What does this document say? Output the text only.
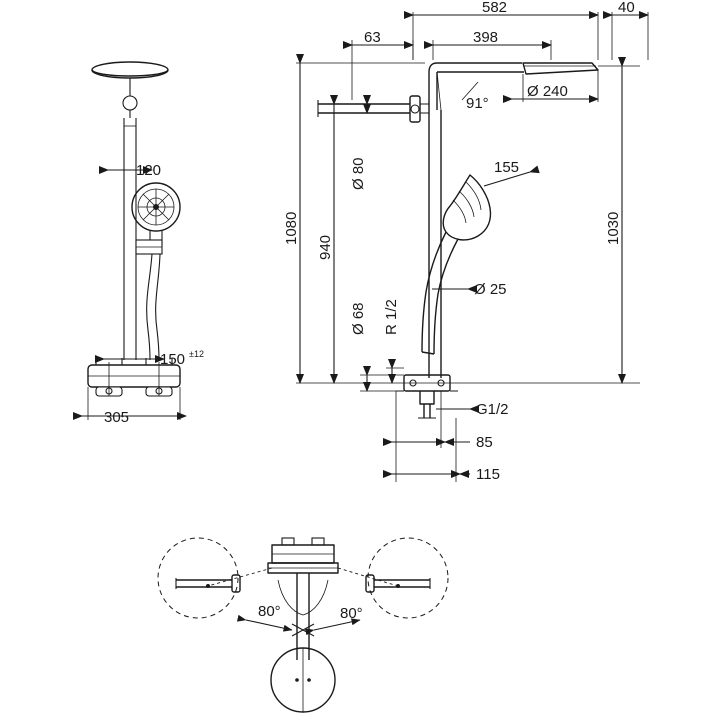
120
150 ±12
305
582	40
63	398
91°
Ø 240
155
Ø 25
1080
940
Ø 80
Ø 68 R 1/2
1030
G1/2
85
115
80°	80°
